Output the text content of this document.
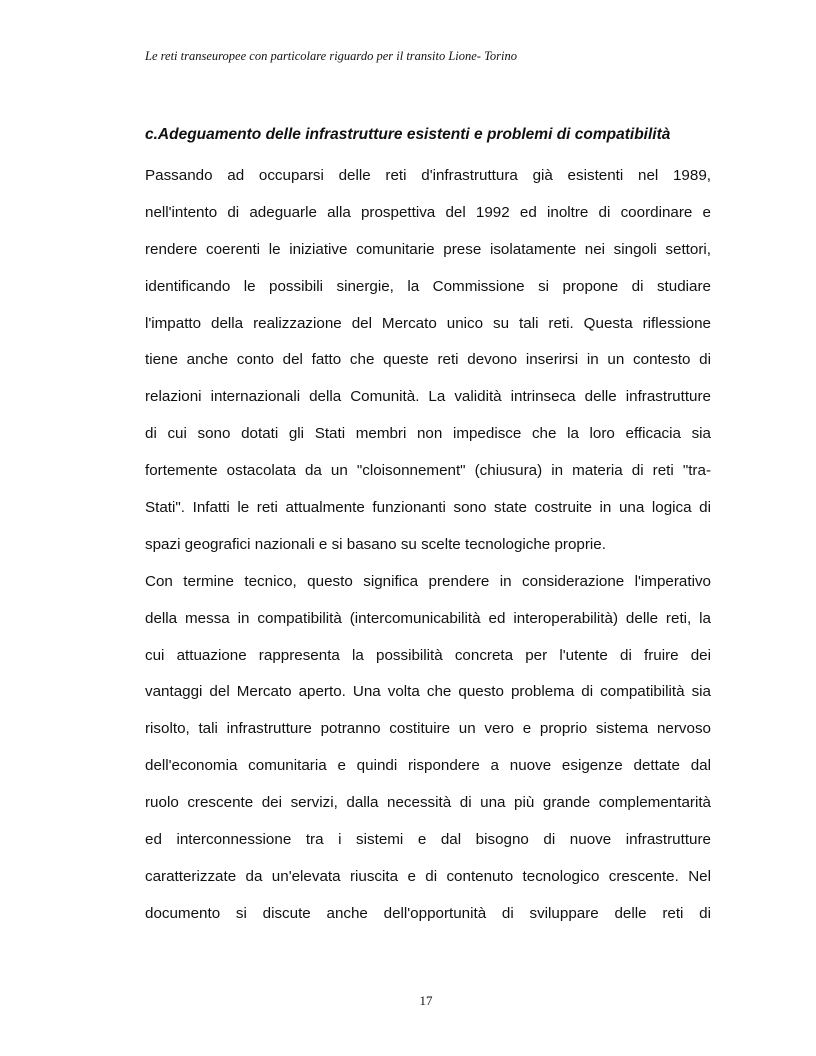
Le reti transeuropee con particolare riguardo per il transito Lione- Torino
c.Adeguamento delle infrastrutture esistenti e problemi di compatibilità

Passando ad occuparsi delle reti d'infrastruttura già esistenti nel 1989,
nell'intento di adeguarle alla prospettiva del 1992 ed inoltre di coordinare e
rendere coerenti le iniziative comunitarie prese isolatamente nei singoli settori,
identificando le possibili sinergie, la Commissione si propone di studiare
l'impatto della realizzazione del Mercato unico su tali reti. Questa riflessione
tiene anche conto del fatto che queste reti devono inserirsi in un contesto di
relazioni internazionali della Comunità. La validità intrinseca delle infrastrutture
di cui sono dotati gli Stati membri non impedisce che la loro efficacia sia
fortemente ostacolata da un "cloisonnement" (chiusura) in materia di reti "tra-
Stati". Infatti le reti attualmente funzionanti sono state costruite in una logica di
spazi geografici nazionali e si basano su scelte tecnologiche proprie.

Con termine tecnico, questo significa prendere in considerazione l'imperativo
della messa in compatibilità (intercomunicabilità ed interoperabilità) delle reti, la
cui attuazione rappresenta la possibilità concreta per l'utente di fruire dei
vantaggi del Mercato aperto. Una volta che questo problema di compatibilità sia
risolto, tali infrastrutture potranno costituire un vero e proprio sistema nervoso
dell'economia comunitaria e quindi rispondere a nuove esigenze dettate dal
ruolo crescente dei servizi, dalla necessità di una più grande complementarità
ed interconnessione tra i sistemi e dal bisogno di nuove infrastrutture
caratterizzate da un'elevata riuscita e di contenuto tecnologico crescente. Nel
documento si discute anche dell'opportunità di sviluppare delle reti di

17
